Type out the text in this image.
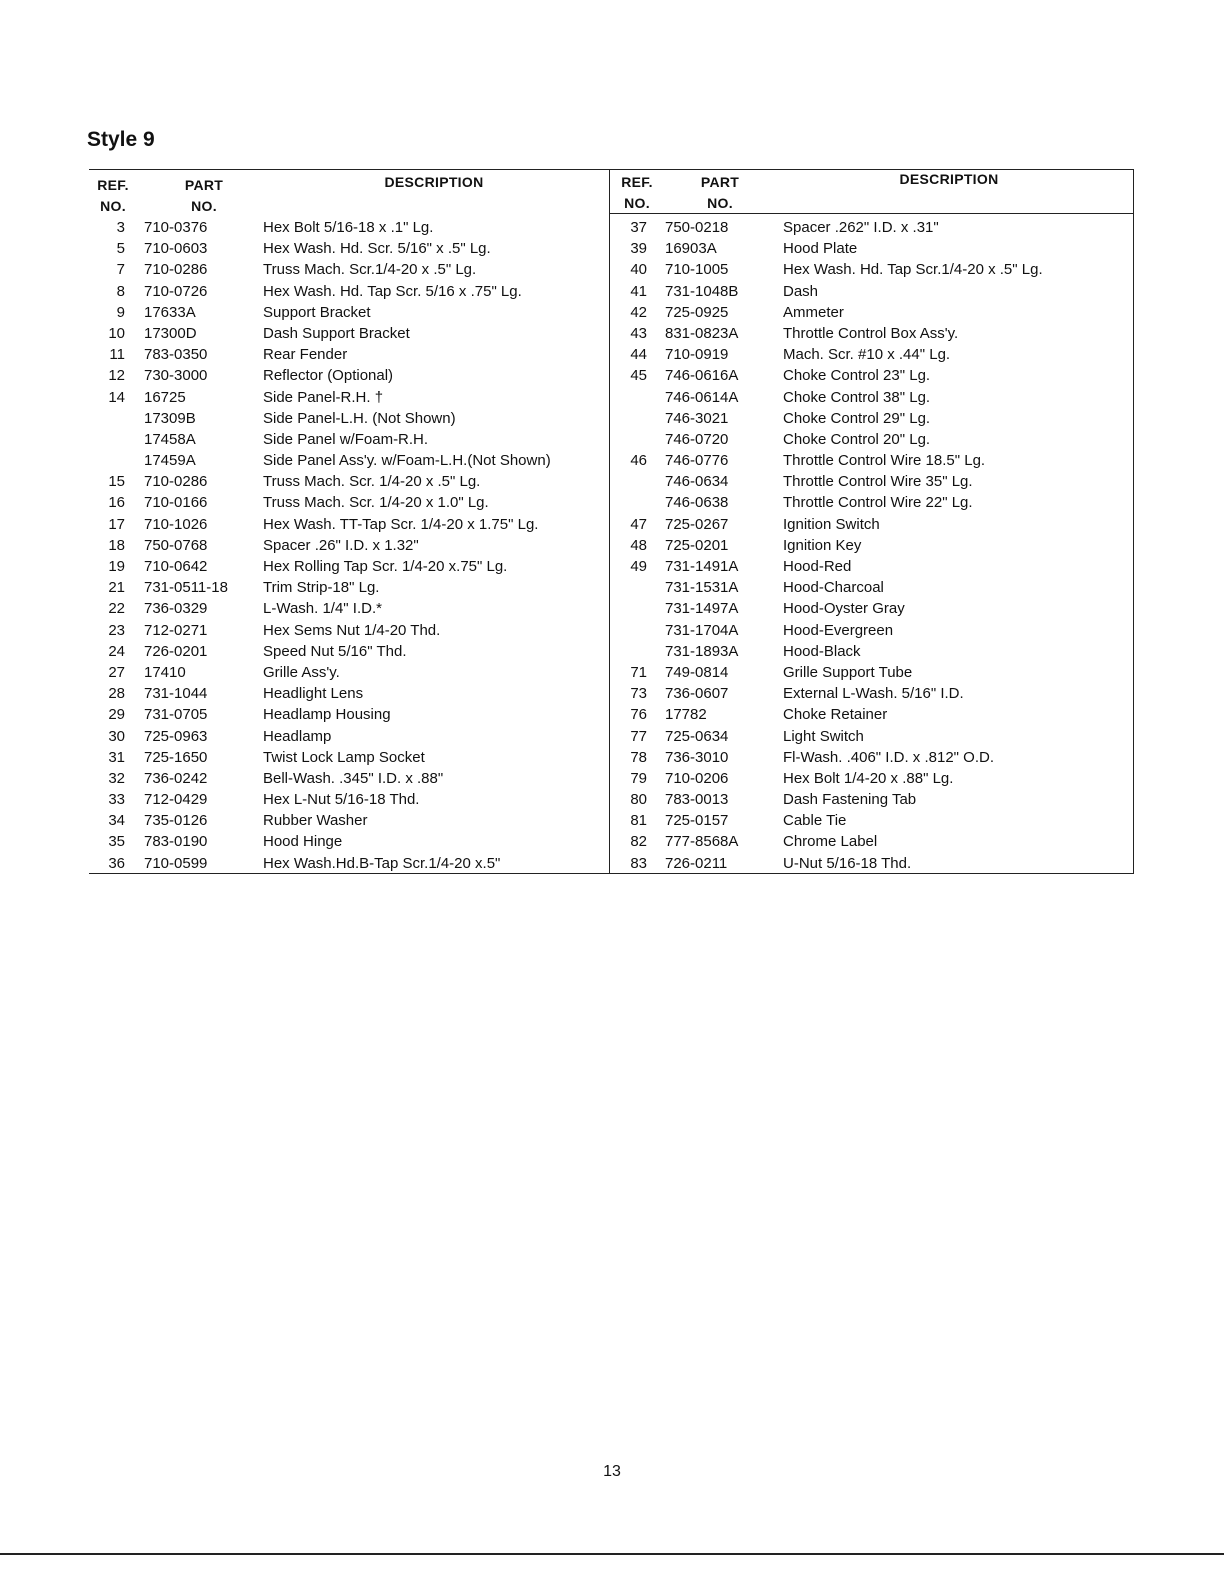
Style 9
REF.
NO.
PART
NO.
DESCRIPTION	REF.
NO.
PART
NO.
DESCRIPTION
3
5
7
8
9
10
11
12
14
15
16
17
18
19
21
22
23
24
27
28
29
30
31
32
33
34
35
36
710-0376
710-0603
710-0286
710-0726
17633A
17300D
783-0350
730-3000
16725
17309B
17458A
17459A
710-0286
710-0166
710-1026
750-0768
710-0642
731-0511-18
736-0329
712-0271
726-0201
17410
731-1044
731-0705
725-0963
725-1650
736-0242
712-0429
735-0126
783-0190
710-0599
Hex Bolt 5/16-18 x .1" Lg.
Hex Wash. Hd. Scr. 5/16" x .5" Lg.
Truss Mach. Scr.1/4-20 x .5" Lg.
Hex Wash. Hd. Tap Scr. 5/16 x .75" Lg.
Support Bracket
Dash Support Bracket
Rear Fender
Reflector (Optional)
Side Panel-R.H. †
Side Panel-L.H. (Not Shown)
Side Panel w/Foam-R.H.
Side Panel Ass'y. w/Foam-L.H.(Not Shown)
Truss Mach. Scr. 1/4-20 x .5" Lg.
Truss Mach. Scr. 1/4-20 x 1.0" Lg.
Hex Wash. TT-Tap Scr. 1/4-20 x 1.75" Lg.
Spacer .26" I.D. x 1.32"
Hex Rolling Tap Scr. 1/4-20 x.75" Lg.
Trim Strip-18" Lg.
L-Wash. 1/4" I.D.*
Hex Sems Nut 1/4-20 Thd.
Speed Nut 5/16" Thd.
Grille Ass'y.
Headlight Lens
Headlamp Housing
Headlamp
Twist Lock Lamp Socket
Bell-Wash. .345" I.D. x .88"
Hex L-Nut 5/16-18 Thd.
Rubber Washer
Hood Hinge
Hex Wash.Hd.B-Tap Scr.1/4-20 x.5"
37
39
40
41
42
43
44
45
46
47
48
49
71
73
76
77
78
79
80
81
82
83
750-0218
16903A
710-1005
731-1048B
725-0925
831-0823A
710-0919
746-0616A
746-0614A
746-3021
746-0720
746-0776
746-0634
746-0638
725-0267
725-0201
731-1491A
731-1531A
731-1497A
731-1704A
731-1893A
749-0814
736-0607
17782
725-0634
736-3010
710-0206
783-0013
725-0157
777-8568A
726-0211
Spacer .262" I.D. x .31"
Hood Plate
Hex Wash. Hd. Tap Scr.1/4-20 x .5" Lg.
Dash
Ammeter
Throttle Control Box Ass'y.
Mach. Scr. #10 x .44" Lg.
Choke Control 23" Lg.
Choke Control 38" Lg.
Choke Control 29" Lg.
Choke Control 20" Lg.
Throttle Control Wire 18.5" Lg.
Throttle Control Wire 35" Lg.
Throttle Control Wire 22" Lg.
Ignition Switch
Ignition Key
Hood-Red
Hood-Charcoal
Hood-Oyster Gray
Hood-Evergreen
Hood-Black
Grille Support Tube
External L-Wash. 5/16" I.D.
Choke Retainer
Light Switch
Fl-Wash. .406" I.D. x .812" O.D.
Hex Bolt 1/4-20 x .88" Lg.
Dash Fastening Tab
Cable Tie
Chrome Label
U-Nut 5/16-18 Thd.
13
